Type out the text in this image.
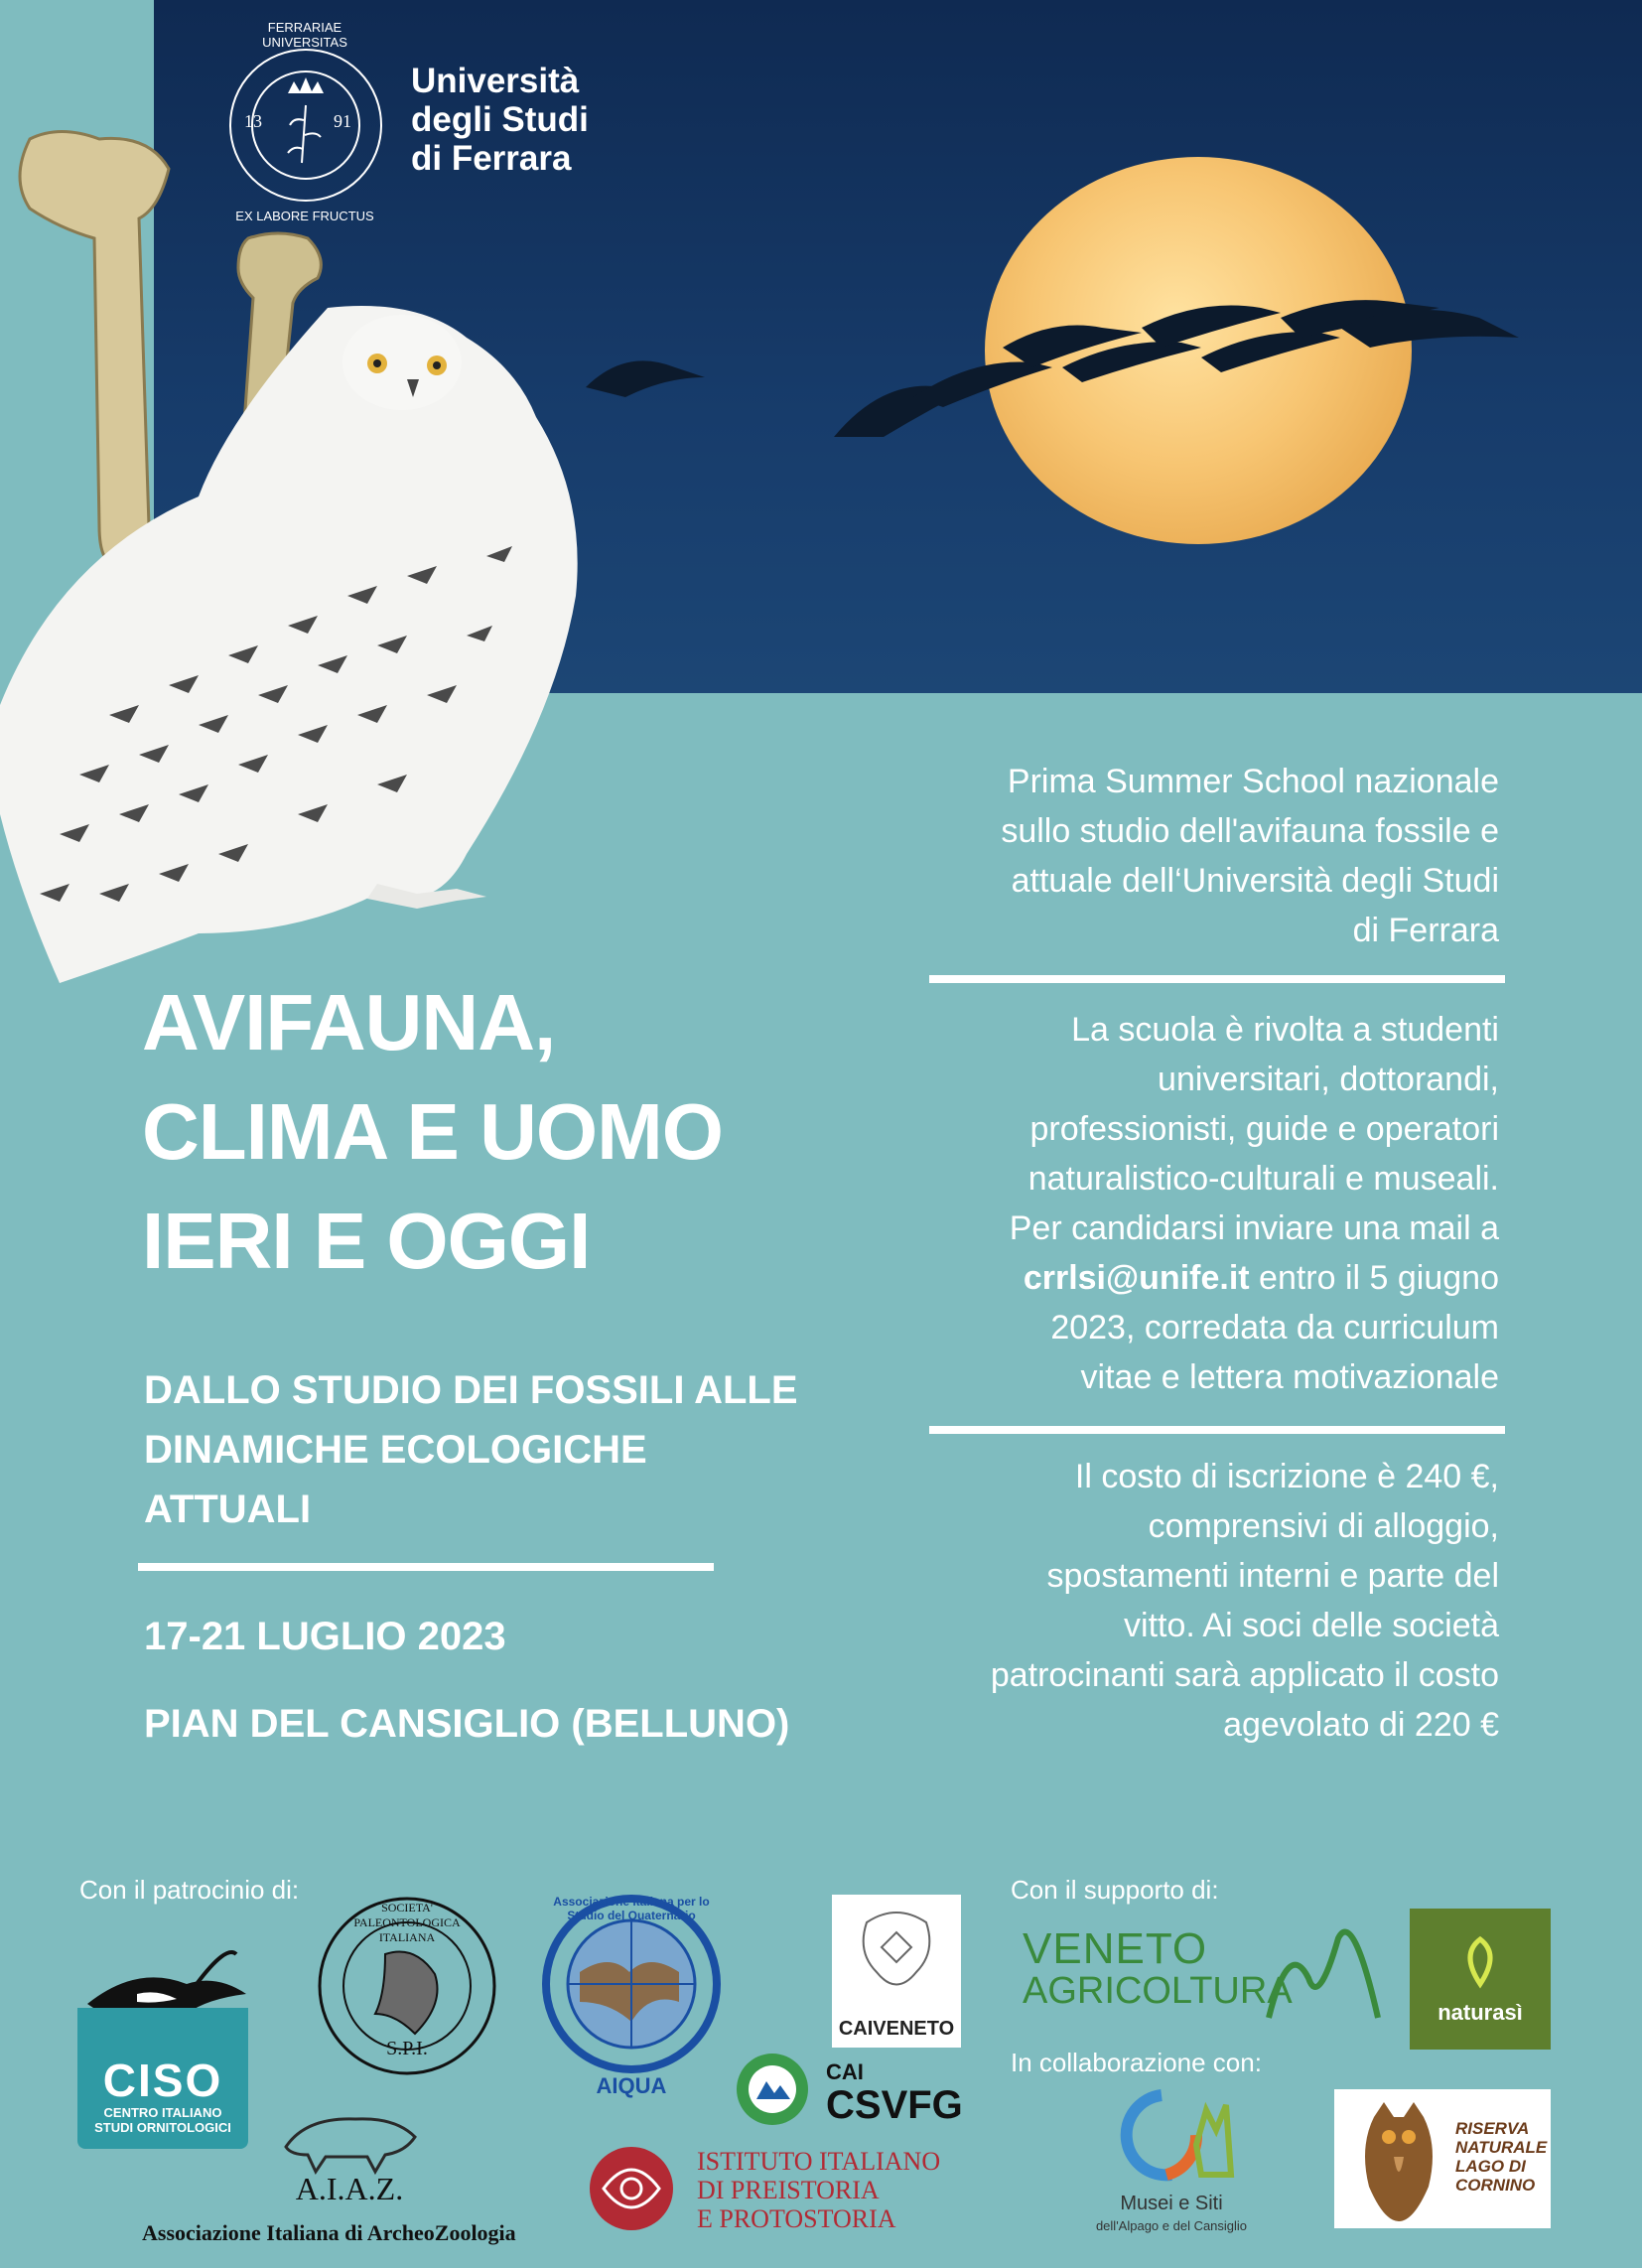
13	91
FERRARIAE UNIVERSITAS
EX LABORE FRUCTUS
Università
degli Studi
di Ferrara
AVIFAUNA,
CLIMA E UOMO
IERI E OGGI
DALLO STUDIO DEI FOSSILI ALLE
DINAMICHE ECOLOGICHE
ATTUALI
17-21 LUGLIO 2023
PIAN DEL CANSIGLIO (BELLUNO)
Prima Summer School nazionale
sullo studio dell'avifauna fossile e
attuale dell‘Università degli Studi
di Ferrara
La scuola è rivolta a studenti
universitari, dottorandi,
professionisti, guide e operatori
naturalistico-culturali e museali.
Per candidarsi inviare una mail a
crrlsi@unife.it entro il 5 giugno
2023, corredata da curriculum
vitae e lettera motivazionale
Il costo di iscrizione è 240 €,
comprensivi di alloggio,
spostamenti interni e parte del
vitto. Ai soci delle società
patrocinanti sarà applicato il costo
agevolato di 220 €
Con il patrocinio di:	Con il supporto di:
In collaborazione con:
CISO
CENTRO ITALIANO
STUDI ORNITOLOGICI
SOCIETA' PALEONTOLOGICA ITALIANA
S.P.I.
Associazione Italiana per lo Studio del Quaternario
AIQUA
CAIVENETO
CAI
CSVFG
A.I.A.Z.
Associazione Italiana di ArcheoZoologia
ISTITUTO ITALIANO
DI PREISTORIA
E PROTOSTORIA
VENETO
AGRICOLTURA
naturasì
Musei e Siti
dell'Alpago e del Cansiglio
RISERVA
NATURALE
LAGO DI
CORNINO
